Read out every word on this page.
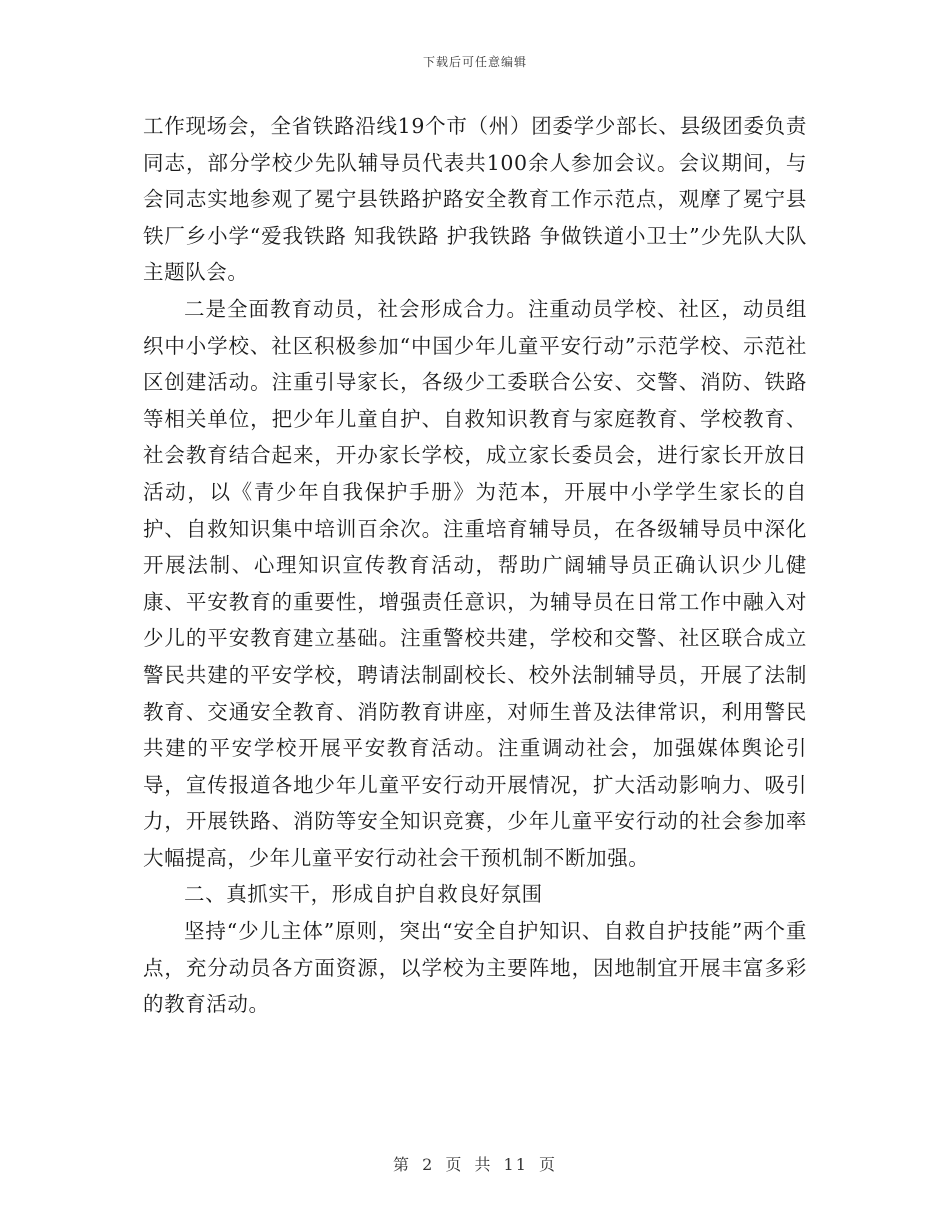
下载后可任意编辑

工作现场会，全省铁路沿线19个市（州）团委学少部长、县级团委负责同志，部分学校少先队辅导员代表共100余人参加会议。会议期间，与会同志实地参观了冕宁县铁路护路安全教育工作示范点，观摩了冕宁县铁厂乡小学“爱我铁路 知我铁路 护我铁路 争做铁道小卫士”少先队大队主题队会。

二是全面教育动员，社会形成合力。注重动员学校、社区，动员组织中小学校、社区积极参加“中国少年儿童平安行动”示范学校、示范社区创建活动。注重引导家长，各级少工委联合公安、交警、消防、铁路等相关单位，把少年儿童自护、自救知识教育与家庭教育、学校教育、社会教育结合起来，开办家长学校，成立家长委员会，进行家长开放日活动，以《青少年自我保护手册》为范本，开展中小学学生家长的自护、自救知识集中培训百余次。注重培育辅导员，在各级辅导员中深化开展法制、心理知识宣传教育活动，帮助广阔辅导员正确认识少儿健康、平安教育的重要性，增强责任意识，为辅导员在日常工作中融入对少儿的平安教育建立基础。注重警校共建，学校和交警、社区联合成立警民共建的平安学校，聘请法制副校长、校外法制辅导员，开展了法制教育、交通安全教育、消防教育讲座，对师生普及法律常识，利用警民共建的平安学校开展平安教育活动。注重调动社会，加强媒体舆论引导，宣传报道各地少年儿童平安行动开展情况，扩大活动影响力、吸引力，开展铁路、消防等安全知识竞赛，少年儿童平安行动的社会参加率大幅提高，少年儿童平安行动社会干预机制不断加强。

二、真抓实干，形成自护自救良好氛围

坚持“少儿主体”原则，突出“安全自护知识、自救自护技能”两个重点，充分动员各方面资源，以学校为主要阵地，因地制宜开展丰富多彩的教育活动。

第 2 页 共 11 页
